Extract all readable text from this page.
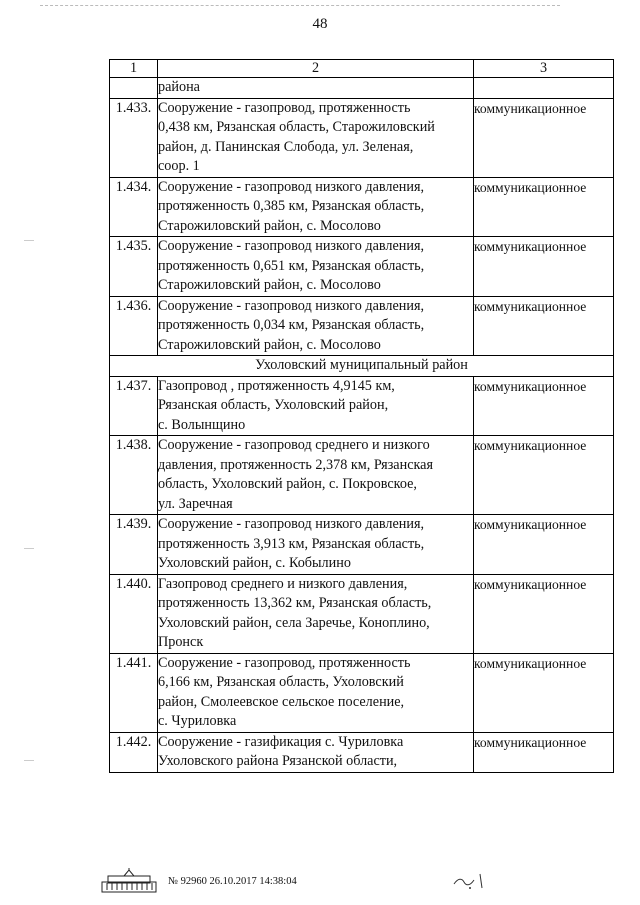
48
1	2	3

	района	

1.433.	Сооружение - газопровод, протяженность
0,438 км, Рязанская область, Старожиловский
район, д. Панинская Слобода, ул. Зеленая,
соор. 1	коммуникационное
1.434.	Сооружение - газопровод низкого давления,
протяженность 0,385 км, Рязанская область,
Старожиловский район, с. Мосолово	коммуникационное
1.435.	Сооружение - газопровод низкого давления,
протяженность 0,651 км, Рязанская область,
Старожиловский район, с. Мосолово	коммуникационное
1.436.	Сооружение - газопровод низкого давления,
протяженность 0,034 км, Рязанская область,
Старожиловский район, с. Мосолово	коммуникационное
Ухоловский муниципальный район		
1.437.	Газопровод , протяженность 4,9145 км,
Рязанская область, Ухоловский район,
с. Волынщино	коммуникационное
1.438.	Сооружение - газопровод среднего и низкого
давления, протяженность 2,378 км, Рязанская
область, Ухоловский район, с. Покровское,
ул. Заречная	коммуникационное
1.439.	Сооружение - газопровод низкого давления,
протяженность 3,913 км, Рязанская область,
Ухоловский район, с. Кобылино	коммуникационное
1.440.	Газопровод среднего и низкого давления,
протяженность 13,362 км, Рязанская область,
Ухоловский район, села Заречье, Коноплино,
Пронск	коммуникационное
1.441.	Сооружение - газопровод, протяженность
6,166 км, Рязанская область, Ухоловский
район, Смолеевское сельское поселение,
с. Чуриловка	коммуникационное
1.442.	Сооружение - газификация с. Чуриловка
Ухоловского района Рязанской области,	коммуникационное
№ 92960 26.10.2017 14:38:04
